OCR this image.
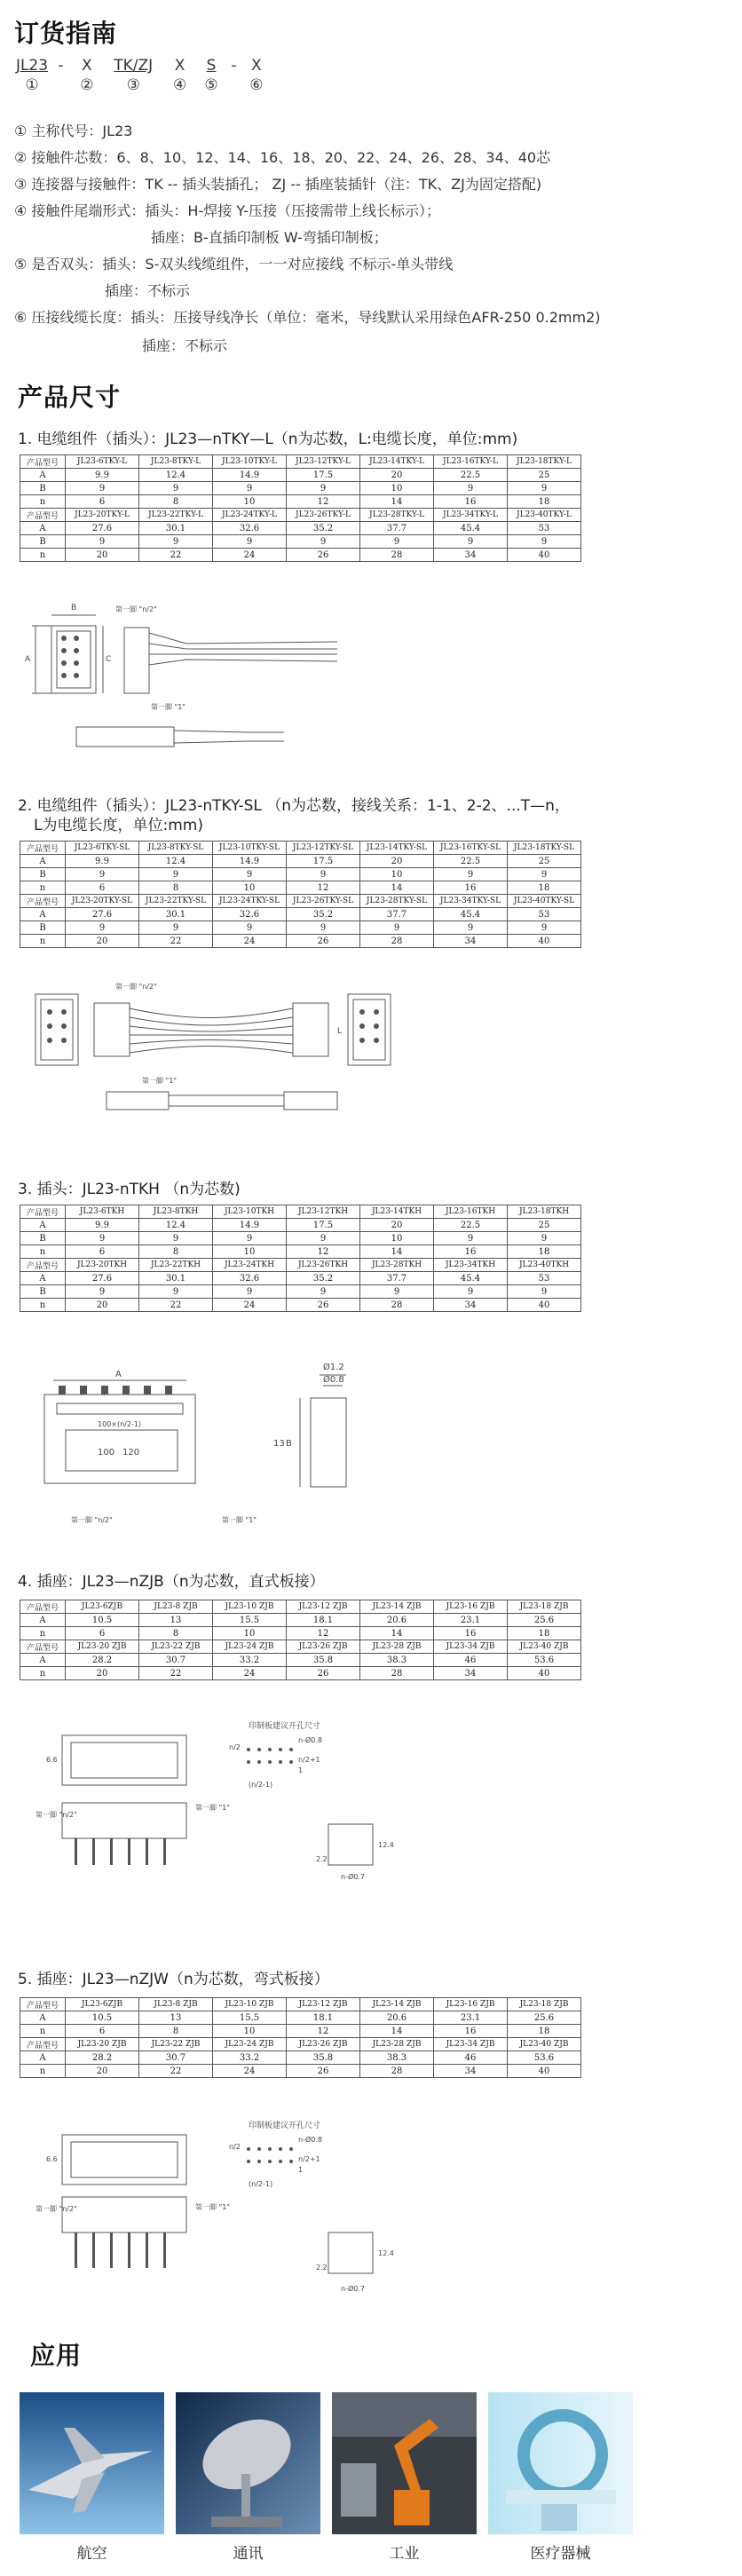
订货指南
JL23 - X TK/ZJ X S - X
①	② ③ ④ ⑤ ⑥
① 主称代号：JL23
② 接触件芯数：6、8、10、12、14、16、18、20、22、24、26、28、34、40芯
③ 连接器与接触件：TK -- 插头装插孔； ZJ -- 插座装插针（注：TK、ZJ为固定搭配)
④ 接触件尾端形式：插头：H-焊接 Y-压接（压接需带上线长标示）；
插座：B-直插印制板 W-弯插印制板；
⑤ 是否双头：插头：S-双头线缆组件，一一对应接线 不标示-单头带线
插座：不标示
⑥ 压接线缆长度：插头：压接导线净长（单位：毫米，导线默认采用绿色AFR-250 0.2mm2)
插座：不标示
产品尺寸
1. 电缆组件（插头）：JL23—nTKY—L（n为芯数，L:电缆长度，单位:mm)
产品型号	JL23-6TKY-L	JL23-8TKY-L	JL23-10TKY-L	JL23-12TKY-L	JL23-14TKY-L	JL23-16TKY-L	JL23-18TKY-L
A	9.9	12.4	14.9	17.5	20	22.5	25
B	9	9	9	9	10	9	9
n	6	8	10	12	14	16	18
产品型号	JL23-20TKY-L	JL23-22TKY-L	JL23-24TKY-L	JL23-26TKY-L	JL23-28TKY-L	JL23-34TKY-L	JL23-40TKY-L
A	27.6	30.1	32.6	35.2	37.7	45.4	53
B	9	9	9	9	9	9	9
n	20	22	24	26	28	34	40
第一脚 "n/2"
第一脚 "1"
A
B
C
2. 电缆组件（插头）：JL23-nTKY-SL （n为芯数，接线关系：1-1、2-2、...T—n，
L为电缆长度，单位:mm)
产品型号	JL23-6TKY-SL	JL23-8TKY-SL	JL23-10TKY-SL	JL23-12TKY-SL	JL23-14TKY-SL	JL23-16TKY-SL	JL23-18TKY-SL
A	9.9	12.4	14.9	17.5	20	22.5	25
B	9	9	9	9	10	9	9
n	6	8	10	12	14	16	18
产品型号	JL23-20TKY-SL	JL23-22TKY-SL	JL23-24TKY-SL	JL23-26TKY-SL	JL23-28TKY-SL	JL23-34TKY-SL	JL23-40TKY-SL
A	27.6	30.1	32.6	35.2	37.7	45.4	53
B	9	9	9	9	9	9	9
n	20	22	24	26	28	34	40
第一脚 "n/2"
第一脚 "1"
L
3. 插头：JL23-nTKH （n为芯数)
产品型号	JL23-6TKH	JL23-8TKH	JL23-10TKH	JL23-12TKH	JL23-14TKH	JL23-16TKH	JL23-18TKH
A	9.9	12.4	14.9	17.5	20	22.5	25
B	9	9	9	9	10	9	9
n	6	8	10	12	14	16	18
产品型号	JL23-20TKH	JL23-22TKH	JL23-24TKH	JL23-26TKH	JL23-28TKH	JL23-34TKH	JL23-40TKH
A	27.6	30.1	32.6	35.2	37.7	45.4	53
B	9	9	9	9	9	9	9
n	20	22	24	26	28	34	40
A
100×(n/2-1)
100 120
Ø1.2
Ø0.8
B
13
第一脚 "n/2"	第一脚 "1"
4. 插座：JL23—nZJB（n为芯数，直式板接）
产品型号	JL23-6ZJB	JL23-8 ZJB	JL23-10 ZJB	JL23-12 ZJB	JL23-14 ZJB	JL23-16 ZJB	JL23-18 ZJB
A	10.5	13	15.5	18.1	20.6	23.1	25.6
n	6	8	10	12	14	16	18
产品型号	JL23-20 ZJB	JL23-22 ZJB	JL23-24 ZJB	JL23-26 ZJB	JL23-28 ZJB	JL23-34 ZJB	JL23-40 ZJB
A	28.2	30.7	33.2	35.8	38.3	46	53.6
n	20	22	24	26	28	34	40
印制板建议开孔尺寸
n/2
n-Ø0.8
(n/2-1)
n/2+1
1
6.6
2.2
12.4
n-Ø0.7
第一脚 "n/2"
第一脚 "1"
5. 插座：JL23—nZJW（n为芯数，弯式板接）
产品型号	JL23-6ZJB	JL23-8 ZJB	JL23-10 ZJB	JL23-12 ZJB	JL23-14 ZJB	JL23-16 ZJB	JL23-18 ZJB
A	10.5	13	15.5	18.1	20.6	23.1	25.6
n	6	8	10	12	14	16	18
产品型号	JL23-20 ZJB	JL23-22 ZJB	JL23-24 ZJB	JL23-26 ZJB	JL23-28 ZJB	JL23-34 ZJB	JL23-40 ZJB
A	28.2	30.7	33.2	35.8	38.3	46	53.6
n	20	22	24	26	28	34	40
印制板建议开孔尺寸
n/2
n-Ø0.8
(n/2-1)
n/2+1
1
6.6
2.2
12.4
n-Ø0.7
第一脚 "n/2"	第一脚 "1"
应用
航空	通讯	工业	医疗器械
